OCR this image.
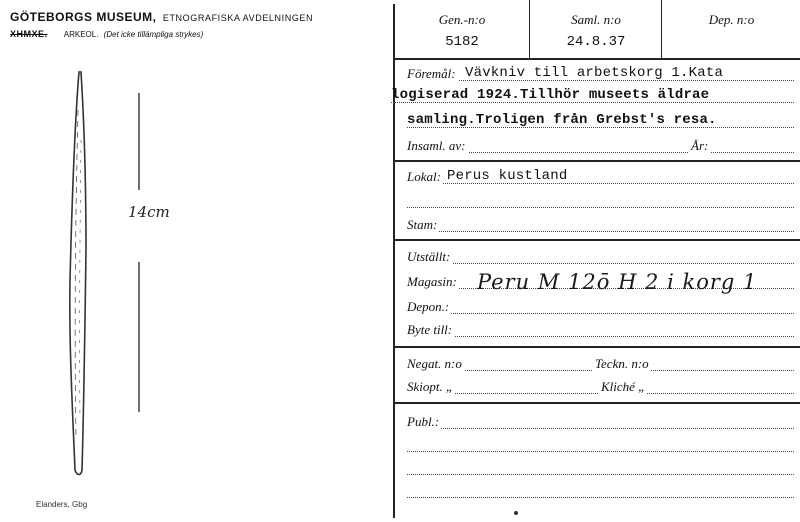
GÖTEBORGS MUSEUM, ETNOGRAFISKA AVDELNINGEN
XHMXE. ARKEOL. (Det icke tillämpliga strykes)
14cm
Elanders, Gbg
Gen.-n:o
5182
Saml. n:o
24.8.37
Dep. n:o
Föremål: Vävkniv till arbetskorg 1.Kata
logiserad 1924.Tillhör museets äldrae
samling.Troligen från Grebst's resa.
Insaml. av:	År:
Lokal: Perus kustland
Stam:
Utställt:
Magasin: Peru M 12ō H 2 i korg 1
Depon.:
Byte till:
Negat. n:o	Teckn. n:o
Skiopt. „	Kliché „
Publ.:
